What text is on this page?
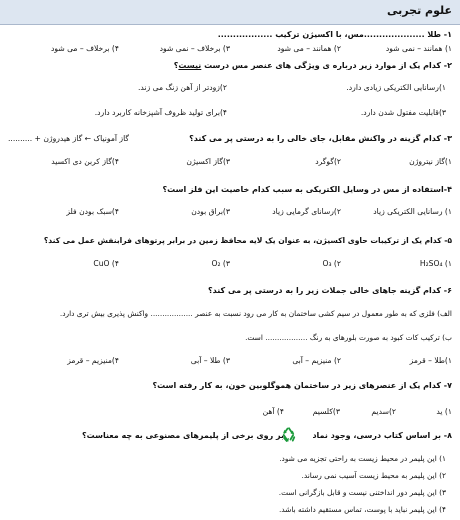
علوم تجربی
۱- طلا ....................مس، با اکسیژن ترکیب ..................
۱) همانند – نمی شود
۲) همانند – می شود
۳) برخلاف – نمی شود
۴) برخلاف – می شود
۲- کدام یک از موارد زیر درباره ی ویژگی های عنصر مس درست نیست؟
۱)رسانایی الکتریکی زیادی دارد.
۲)زودتر از آهن زنگ می زند.
۳)قابلیت مفتول شدن دارد.
۴)برای تولید ظروف آشپزخانه کاربرد دارد.
۳- کدام گزینه در واکنش مقابل، جای خالی را به درستی پر می کند؟
گاز آمونیاک ← گاز هیدروژن + ..........
۱)گاز نیتروژن
۲)گوگرد
۳)گاز اکسیژن
۴)گاز کربن دی اکسید
۴-استفاده از مس در وسایل الکتریکی به سبب کدام خاصیت این فلز است؟
۱) رسانایی الکتریکی زیاد
۲)رسانای گرمایی زیاد
۳)براق بودن
۴)سبک بودن فلز
۵- کدام یک از ترکیبات حاوی اکسیژن، به عنوان یک لایه محافظ زمین در برابر پرتوهای فرابنفش عمل می کند؟
۱) H₂SO₄
۲) O₃
۳) O₂
۴) CuO
۶- کدام گزینه جاهای خالی جملات زیر را به درستی پر می کند؟
الف) فلزی که به طور معمول در سیم کشی ساختمان به کار می رود نسبت به عنصر .................. واکنش پذیری بیش تری دارد.
ب) ترکیب کات کبود به صورت بلورهای به رنگ .................. است.
۱)طلا – قرمز
۲) منیزیم – آبی
۳) طلا – آبی
۴)منیزیم – قرمز
۷- کدام یک از عنصرهای زیر در ساختمان هموگلوبین خون، به کار رفته است؟
۱) ید
۲)سدیم
۳)کلسیم
۴) آهن
۸- بر اساس کتاب درسی، وجود نماد
بر روی برخی از پلیمرهای مصنوعی به چه معناست؟
۱) این پلیمر در محیط زیست به راحتی تجزیه می شود.
۲) این پلیمر به محیط زیست آسیب نمی رساند.
۳) این پلیمر دور انداختنی نیست و قابل بازگرانی است.
۴) این پلیمر نباید با پوست، تماس مستقیم داشته باشد.
